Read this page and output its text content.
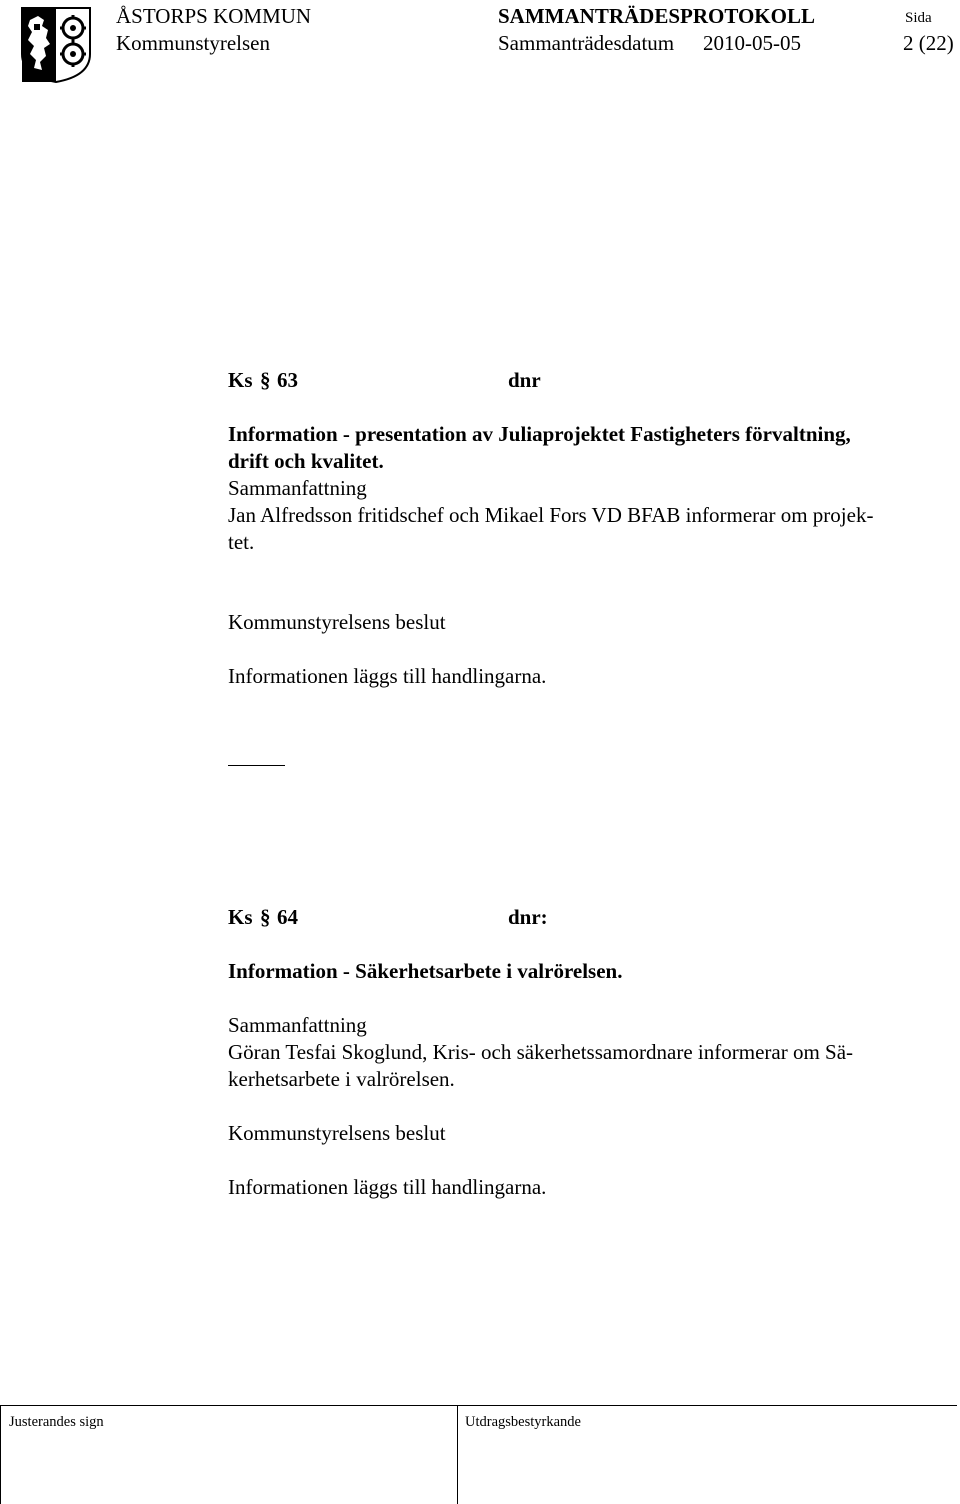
ÅSTORPS KOMMUN
Kommunstyrelsen
SAMMANTRÄDESPROTOKOLL
Sammanträdesdatum 2010-05-05
Sida
2 (22)
Ks § 63	dnr
Information - presentation av Juliaprojektet Fastigheters förvaltning,
drift och kvalitet.
Sammanfattning
Jan Alfredsson fritidschef och Mikael Fors VD BFAB informerar om projek-
tet.
Kommunstyrelsens beslut
Informationen läggs till handlingarna.
Ks § 64	dnr:
Information - Säkerhetsarbete i valrörelsen.
Sammanfattning
Göran Tesfai Skoglund, Kris- och säkerhetssamordnare informerar om Sä-
kerhetsarbete i valrörelsen.
Kommunstyrelsens beslut
Informationen läggs till handlingarna.
Justerandes sign	Utdragsbestyrkande
